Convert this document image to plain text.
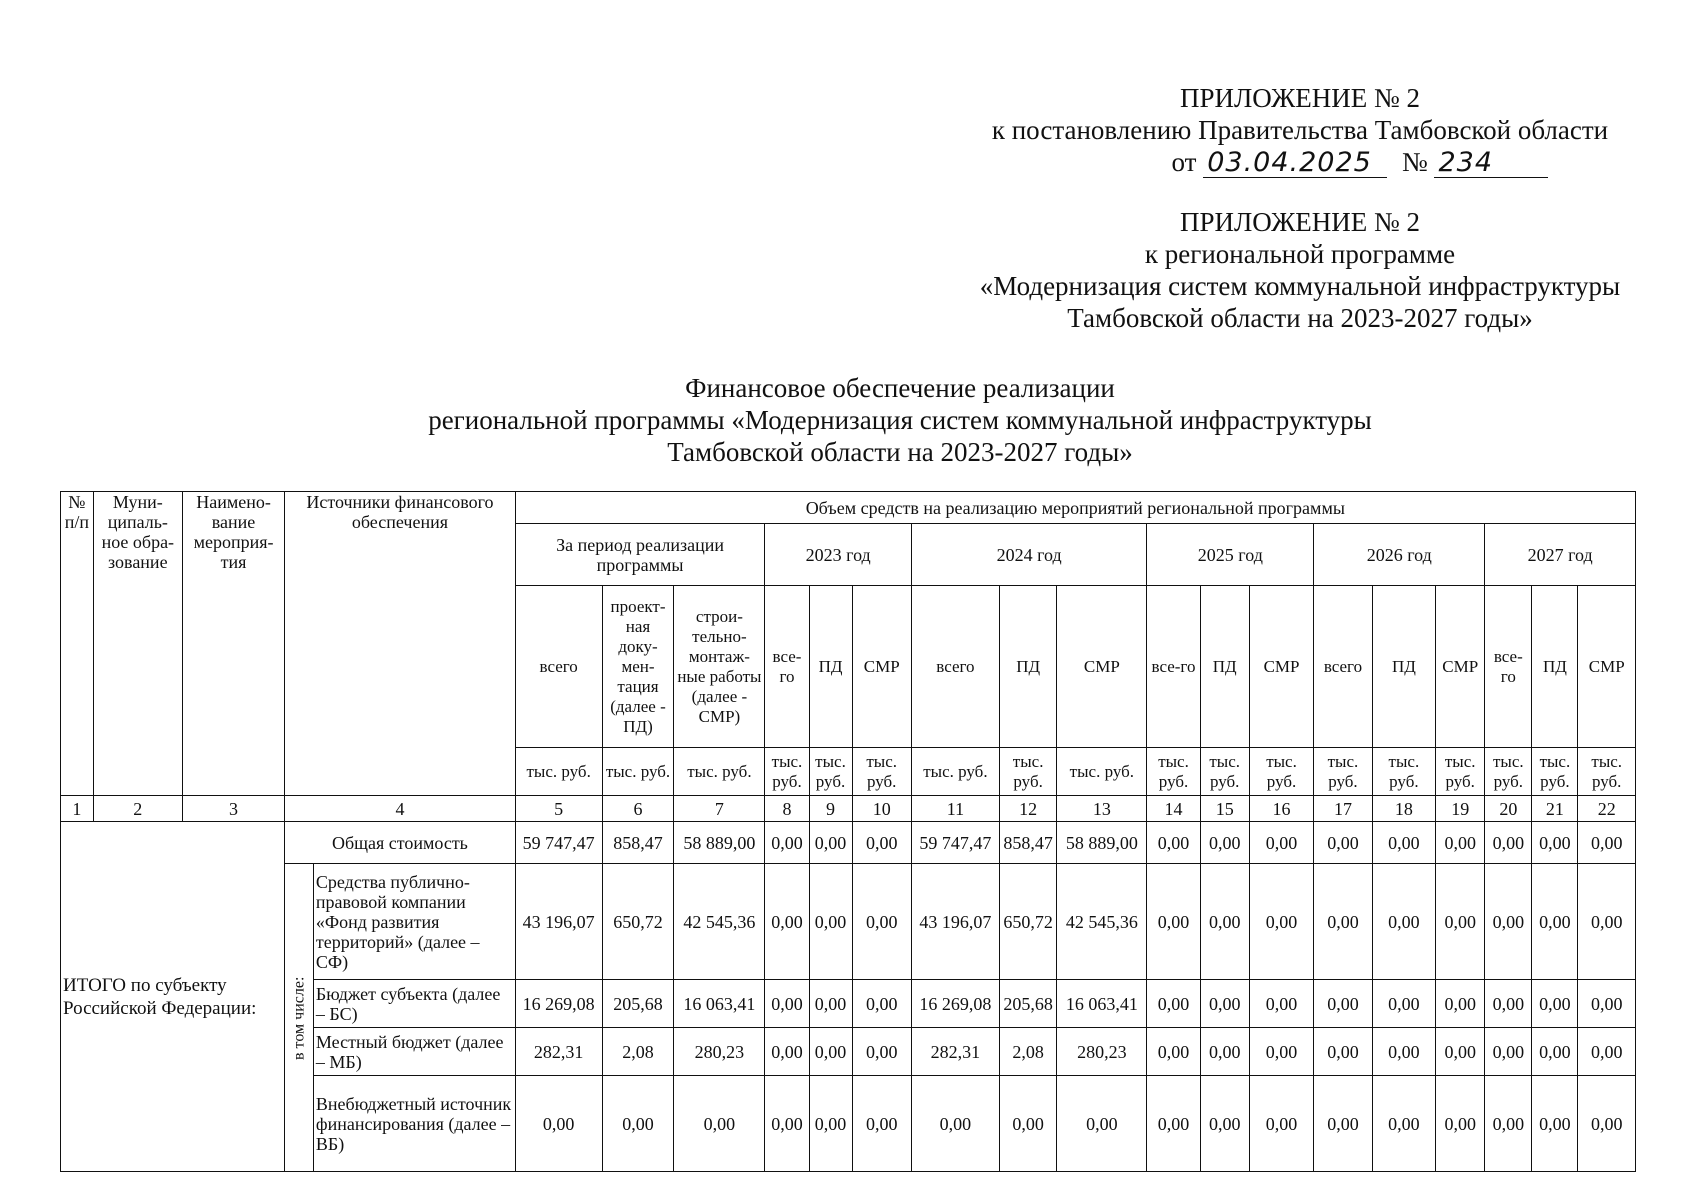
ПРИЛОЖЕНИЕ № 2
к постановлению Правительства Тамбовской области
от 03.04.2025 № 234
ПРИЛОЖЕНИЕ № 2
к региональной программе
«Модернизация систем коммунальной инфраструктуры
Тамбовской области на 2023-2027 годы»
Финансовое обеспечение реализации
региональной программы «Модернизация систем коммунальной инфраструктуры
Тамбовской области на 2023-2027 годы»
№ п/п	Муни-ципаль-ное обра-зование	Наимено-вание мероприя-тия	Источники финансового обеспечения		Объем средств на реализацию мероприятий региональной программы																	
					За период реализации программы			2023 год			2024 год			2025 год			2026 год			2027 год		
					всего	проект-ная доку-мен-тация (далее - ПД)	строи-тельно-монтаж-ные работы (далее - СМР)	все-го	ПД	СМР	всего	ПД	СМР	все-го	ПД	СМР	всего	ПД	СМР	все-го	ПД	СМР
					тыс. руб.	тыс. руб.	тыс. руб.	тыс. руб.	тыс. руб.	тыс. руб.	тыс. руб.	тыс. руб.	тыс. руб.	тыс. руб.	тыс. руб.	тыс. руб.	тыс. руб.	тыс. руб.	тыс. руб.	тыс. руб.	тыс. руб.	тыс. руб.
1	2	3	4		5	6	7	8	9	10	11	12	13	14	15	16	17	18	19	20	21	22
ИТОГО по субъекту Российской Федерации:			Общая стоимость		59 747,47	858,47	58 889,00	0,00	0,00	0,00	59 747,47	858,47	58 889,00	0,00	0,00	0,00	0,00	0,00	0,00	0,00	0,00	0,00
			в том числе:	Средства публично-правовой компании «Фонд развития территорий» (далее – СФ)	43 196,07	650,72	42 545,36	0,00	0,00	0,00	43 196,07	650,72	42 545,36	0,00	0,00	0,00	0,00	0,00	0,00	0,00	0,00	0,00
				Бюджет субъекта (далее – БС)	16 269,08	205,68	16 063,41	0,00	0,00	0,00	16 269,08	205,68	16 063,41	0,00	0,00	0,00	0,00	0,00	0,00	0,00	0,00	0,00
				Местный бюджет (далее – МБ)	282,31	2,08	280,23	0,00	0,00	0,00	282,31	2,08	280,23	0,00	0,00	0,00	0,00	0,00	0,00	0,00	0,00	0,00
				Внебюджетный источник финансирования (далее – ВБ)	0,00	0,00	0,00	0,00	0,00	0,00	0,00	0,00	0,00	0,00	0,00	0,00	0,00	0,00	0,00	0,00	0,00	0,00
